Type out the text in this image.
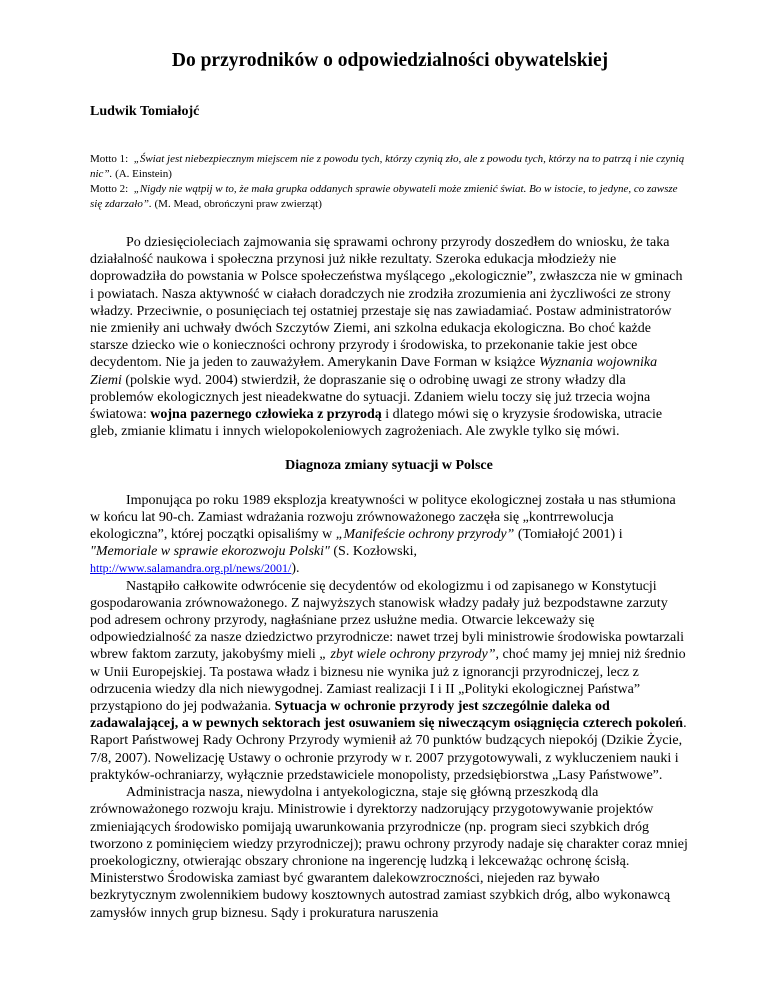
Do przyrodników o odpowiedzialności obywatelskiej
Ludwik Tomiałojć

Motto 1: „Świat jest niebezpiecznym miejscem nie z powodu tych, którzy czynią zło, ale z powodu tych, którzy na to patrzą i nie czynią nic”. (A. Einstein)

Motto 2: „Nigdy nie wątpij w to, że mała grupka oddanych sprawie obywateli może zmienić świat. Bo w istocie, to jedyne, co zawsze się zdarzało”. (M. Mead, obrończyni praw zwierząt)

Po dziesięcioleciach zajmowania się sprawami ochrony przyrody doszedłem do wniosku, że taka działalność naukowa i społeczna przynosi już nikłe rezultaty. Szeroka edukacja młodzieży nie doprowadziła do powstania w Polsce społeczeństwa myślącego „ekologicznie”, zwłaszcza nie w gminach i powiatach. Nasza aktywność w ciałach doradczych nie zrodziła zrozumienia ani życzliwości ze strony władzy. Przeciwnie, o posunięciach tej ostatniej przestaje się nas zawiadamiać. Postaw administratorów nie zmieniły ani uchwały dwóch Szczytów Ziemi, ani szkolna edukacja ekologiczna. Bo choć każde starsze dziecko wie o konieczności ochrony przyrody i środowiska, to przekonanie takie jest obce decydentom. Nie ja jeden to zauważyłem. Amerykanin Dave Forman w książce Wyznania wojownika Ziemi (polskie wyd. 2004) stwierdził, że dopraszanie się o odrobinę uwagi ze strony władzy dla problemów ekologicznych jest nieadekwatne do sytuacji. Zdaniem wielu toczy się już trzecia wojna światowa: wojna pazernego człowieka z przyrodą i dlatego mówi się o kryzysie środowiska, utracie gleb, zmianie klimatu i innych wielopokoleniowych zagrożeniach. Ale zwykle tylko się mówi.

Diagnoza zmiany sytuacji w Polsce

Imponująca po roku 1989 eksplozja kreatywności w polityce ekologicznej została u nas stłumiona w końcu lat 90-ch. Zamiast wdrażania rozwoju zrównoważonego zaczęła się „kontrrewolucja ekologiczna”, której początki opisaliśmy w „Manifeście ochrony przyrody” (Tomiałojć 2001) i "Memoriale w sprawie ekorozwoju Polski" (S. Kozłowski,
http://www.salamandra.org.pl/news/2001/).

Nastąpiło całkowite odwrócenie się decydentów od ekologizmu i od zapisanego w Konstytucji gospodarowania zrównoważonego. Z najwyższych stanowisk władzy padały już bezpodstawne zarzuty pod adresem ochrony przyrody, nagłaśniane przez usłużne media. Otwarcie lekceważy się odpowiedzialność za nasze dziedzictwo przyrodnicze: nawet trzej byli ministrowie środowiska powtarzali wbrew faktom zarzuty, jakobyśmy mieli „ zbyt wiele ochrony przyrody”, choć mamy jej mniej niż średnio w Unii Europejskiej. Ta postawa władz i biznesu nie wynika już z ignorancji przyrodniczej, lecz z odrzucenia wiedzy dla nich niewygodnej. Zamiast realizacji I i II „Polityki ekologicznej Państwa” przystąpiono do jej podważania. Sytuacja w ochronie przyrody jest szczególnie daleka od zadawalającej, a w pewnych sektorach jest osuwaniem się niweczącym osiągnięcia czterech pokoleń. Raport Państwowej Rady Ochrony Przyrody wymienił aż 70 punktów budzących niepokój (Dzikie Życie, 7/8, 2007). Nowelizację Ustawy o ochronie przyrody w r. 2007 przygotowywali, z wykluczeniem nauki i praktyków-ochraniarzy, wyłącznie przedstawiciele monopolisty, przedsiębiorstwa „Lasy Państwowe”.

Administracja nasza, niewydolna i antyekologiczna, staje się główną przeszkodą dla zrównoważonego rozwoju kraju. Ministrowie i dyrektorzy nadzorujący przygotowywanie projektów zmieniających środowisko pomijają uwarunkowania przyrodnicze (np. program sieci szybkich dróg tworzono z pominięciem wiedzy przyrodniczej); prawu ochrony przyrody nadaje się charakter coraz mniej proekologiczny, otwierając obszary chronione na ingerencję ludzką i lekceważąc ochronę ścisłą. Ministerstwo Środowiska zamiast być gwarantem dalekowzroczności, niejeden raz bywało bezkrytycznym zwolennikiem budowy kosztownych autostrad zamiast szybkich dróg, albo wykonawcą zamysłów innych grup biznesu. Sądy i prokuratura naruszenia
